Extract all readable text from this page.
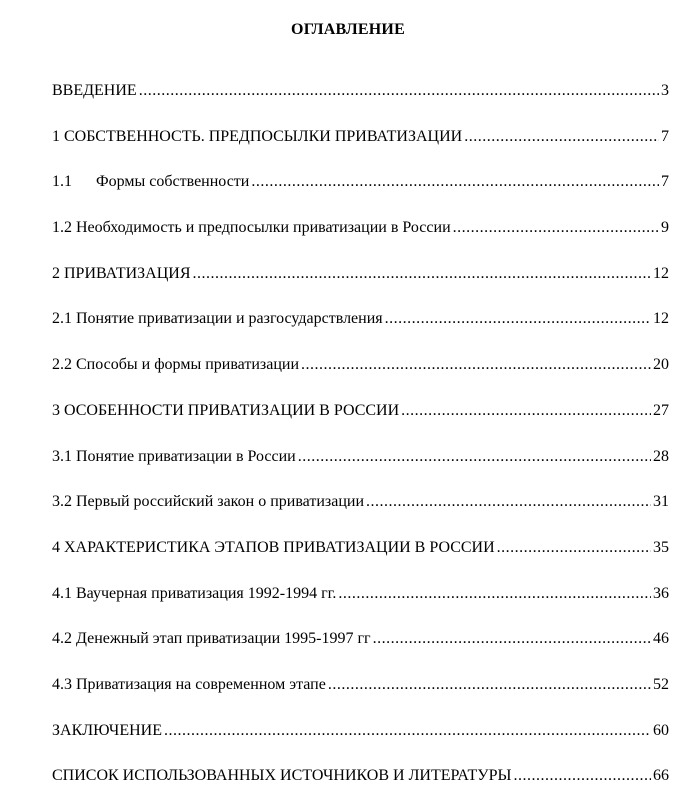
ОГЛАВЛЕНИЕ
ВВЕДЕНИЕ .....	3
1 СОБСТВЕННОСТЬ. ПРЕДПОСЫЛКИ ПРИВАТИЗАЦИИ .....	7
1.1	Формы собственности .....	7
1.2 Необходимость и предпосылки приватизации в России .....	9
2 ПРИВАТИЗАЦИЯ .....	12
2.1 Понятие приватизации и разгосударствления .....	12
2.2 Способы и формы приватизации .....	20
3 ОСОБЕННОСТИ ПРИВАТИЗАЦИИ В РОССИИ .....	27
3.1 Понятие приватизации в России .....	28
3.2 Первый российский закон о приватизации .....	31
4 ХАРАКТЕРИСТИКА ЭТАПОВ ПРИВАТИЗАЦИИ В РОССИИ .....	35
4.1 Ваучерная приватизация 1992-1994 гг. .....	36
4.2 Денежный этап приватизации 1995-1997 гг .....	46
4.3 Приватизация на современном этапе .....	52
ЗАКЛЮЧЕНИЕ .....	60
СПИСОК ИСПОЛЬЗОВАННЫХ ИСТОЧНИКОВ И ЛИТЕРАТУРЫ .....	66
